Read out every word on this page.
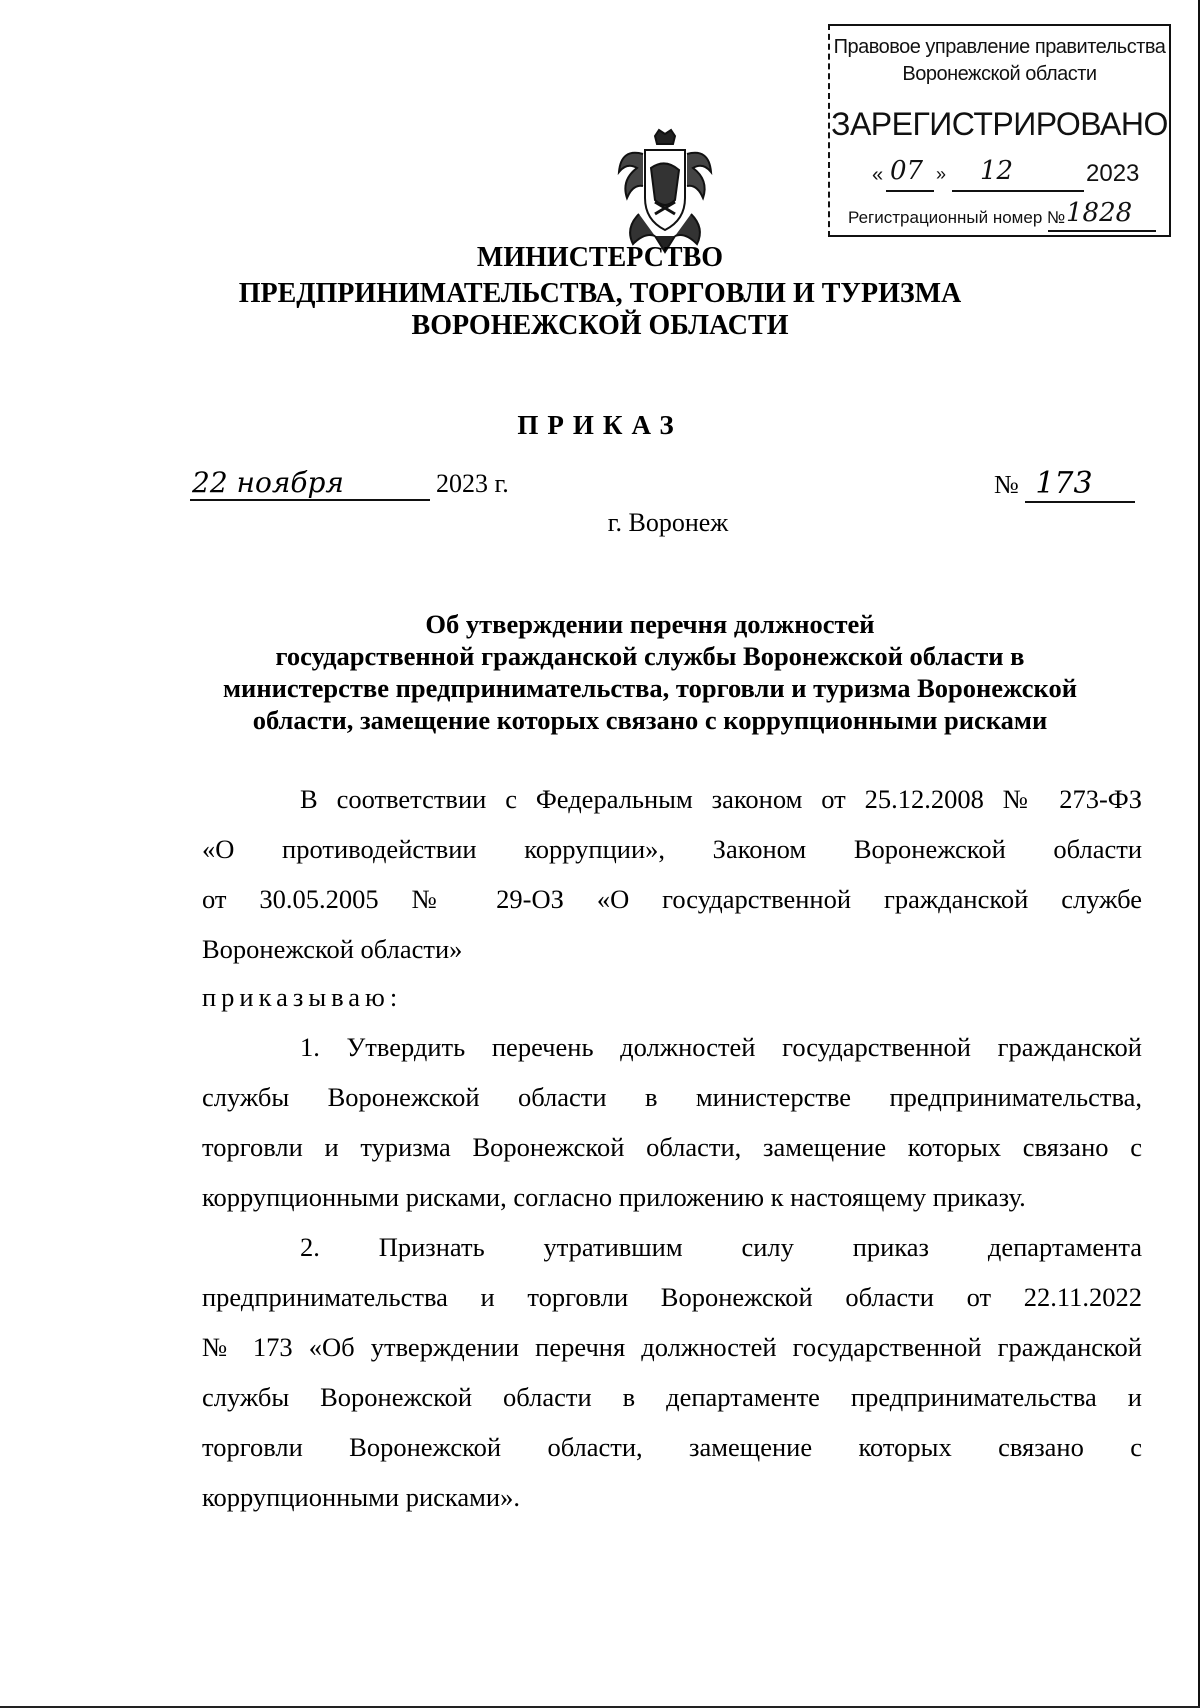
Правовое управление правительства
Воронежской области
ЗАРЕГИСТРИРОВАНО
« 07 » 12	2023
Регистрационный номер № 1828
МИНИСТЕРСТВО
ПРЕДПРИНИМАТЕЛЬСТВА, ТОРГОВЛИ И ТУРИЗМА
ВОРОНЕЖСКОЙ ОБЛАСТИ
ПРИКАЗ
22 ноября	2023 г.	№ 173
г. Воронеж
Об утверждении перечня должностей
государственной гражданской службы Воронежской области в
министерстве предпринимательства, торговли и туризма Воронежской
области, замещение которых связано с коррупционными рисками
В соответствии с Федеральным законом от 25.12.2008 № 273-ФЗ
«О противодействии коррупции», Законом Воронежской области
от 30.05.2005 № 29-ОЗ «О государственной гражданской службе
Воронежской области»
приказываю:
1. Утвердить перечень должностей государственной гражданской
службы Воронежской области в министерстве предпринимательства,
торговли и туризма Воронежской области, замещение которых связано с
коррупционными рисками, согласно приложению к настоящему приказу.
2. Признать утратившим силу приказ департамента
предпринимательства и торговли Воронежской области от 22.11.2022
№ 173 «Об утверждении перечня должностей государственной гражданской
службы Воронежской области в департаменте предпринимательства и
торговли Воронежской области, замещение которых связано с
коррупционными рисками».
